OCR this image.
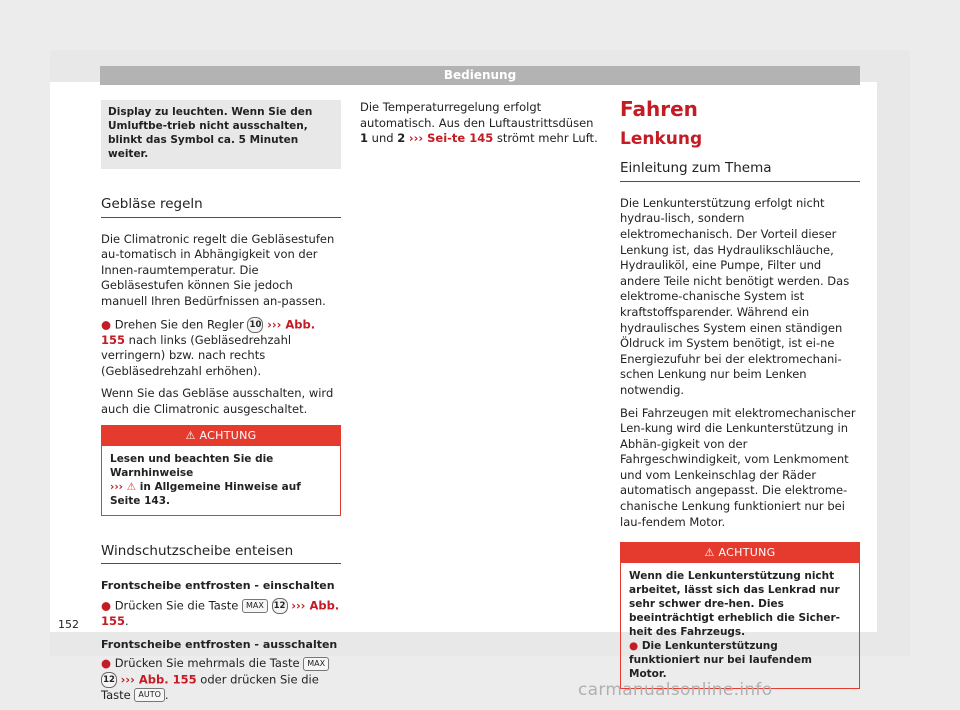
Bedienung
Display zu leuchten. Wenn Sie den Umluftbe-trieb nicht ausschalten, blinkt das Symbol ca. 5 Minuten weiter.
Gebläse regeln

Die Climatronic regelt die Gebläsestufen au-tomatisch in Abhängigkeit von der Innen-raumtemperatur. Die Gebläsestufen können Sie jedoch manuell Ihren Bedürfnissen an-passen.

● Drehen Sie den Regler 10 ››› Abb. 155 nach links (Gebläsedrehzahl verringern) bzw. nach rechts (Gebläsedrehzahl erhöhen).

Wenn Sie das Gebläse ausschalten, wird auch die Climatronic ausgeschaltet.

⚠ ACHTUNG
Lesen und beachten Sie die Warnhinweise
››› ⚠ in Allgemeine Hinweise auf Seite 143.
Windschutzscheibe enteisen
Frontscheibe entfrosten - einschalten

● Drücken Sie die Taste MAX 12 ››› Abb. 155.

Frontscheibe entfrosten - ausschalten

● Drücken Sie mehrmals die Taste MAX 12 ››› Abb. 155 oder drücken Sie die Taste AUTO .

Die Temperaturregelung erfolgt automatisch. Aus den Luftaustrittsdüsen 1 und 2 ››› Sei-te 145 strömt mehr Luft.

Fahren
Lenkung
Einleitung zum Thema

Die Lenkunterstützung erfolgt nicht hydrau-lisch, sondern elektromechanisch. Der Vorteil dieser Lenkung ist, das Hydraulikschläuche, Hydrauliköl, eine Pumpe, Filter und andere Teile nicht benötigt werden. Das elektrome-chanische System ist kraftstoffsparender. Während ein hydraulisches System einen ständigen Öldruck im System benötigt, ist ei-ne Energiezufuhr bei der elektromechani-schen Lenkung nur beim Lenken notwendig.

Bei Fahrzeugen mit elektromechanischer Len-kung wird die Lenkunterstützung in Abhän-gigkeit von der Fahrgeschwindigkeit, vom Lenkmoment und vom Lenkeinschlag der Räder automatisch angepasst. Die elektrome-chanische Lenkung funktioniert nur bei lau-fendem Motor.

⚠ ACHTUNG
Wenn die Lenkunterstützung nicht arbeitet, lässt sich das Lenkrad nur sehr schwer dre-hen. Dies beeinträchtigt erheblich die Sicher-heit des Fahrzeugs.
● Die Lenkunterstützung funktioniert nur bei laufendem Motor.
152
carmanualsonline.info
